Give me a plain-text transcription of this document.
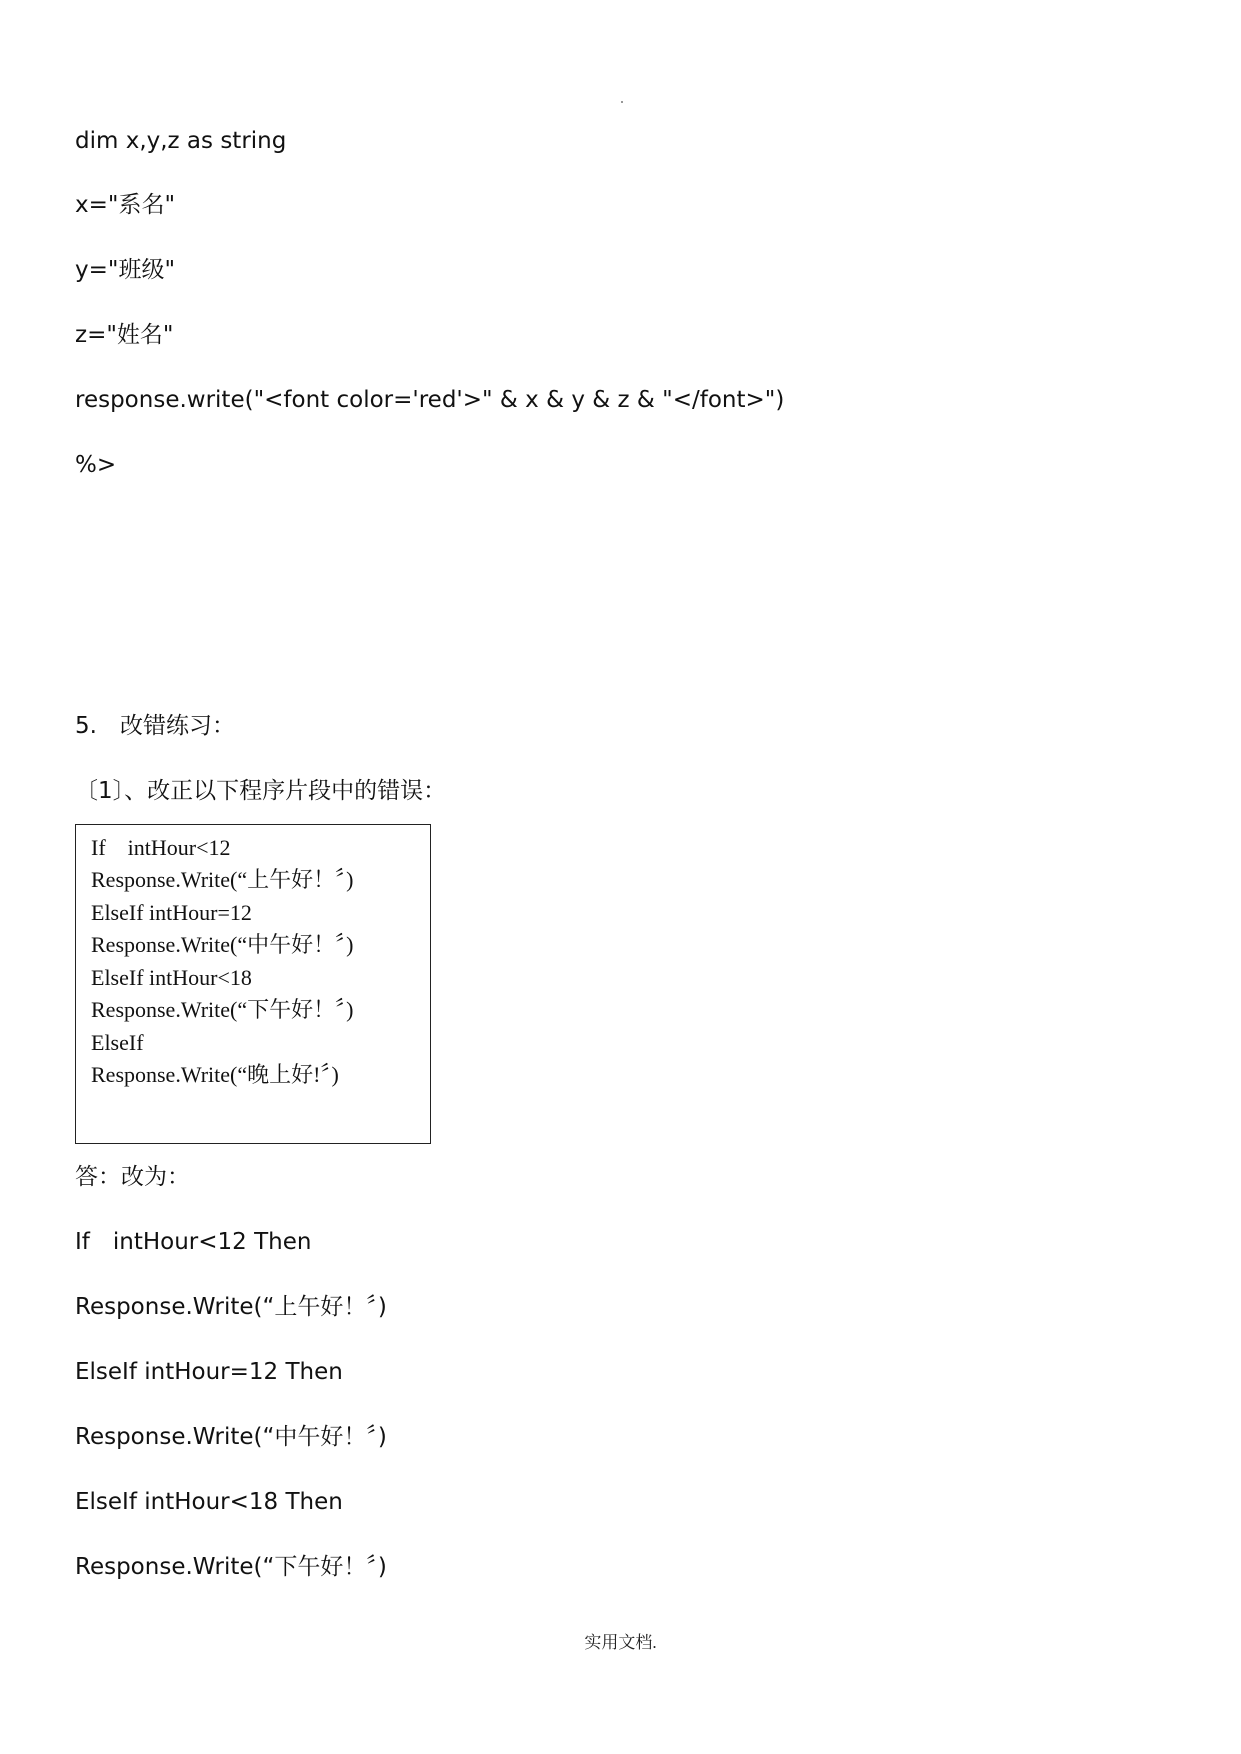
dim x,y,z as string
x="系名"
y="班级"
z="姓名"
response.write("<font color='red'>" & x & y & z & "</font>")
%>
5.　改错练习：
〔1〕、改正以下程序片段中的错误：
If　intHour<12
Response.Write(“上午好！〞)
ElseIf intHour=12
Response.Write(“中午好！〞)
ElseIf intHour<18
Response.Write(“下午好！〞)
ElseIf
Response.Write(“晚上好!〞)
答：改为：
If　intHour<12 Then
Response.Write(“上午好！〞)
ElseIf intHour=12 Then
Response.Write(“中午好！〞)
ElseIf intHour<18 Then
Response.Write(“下午好！〞)
实用文档.
